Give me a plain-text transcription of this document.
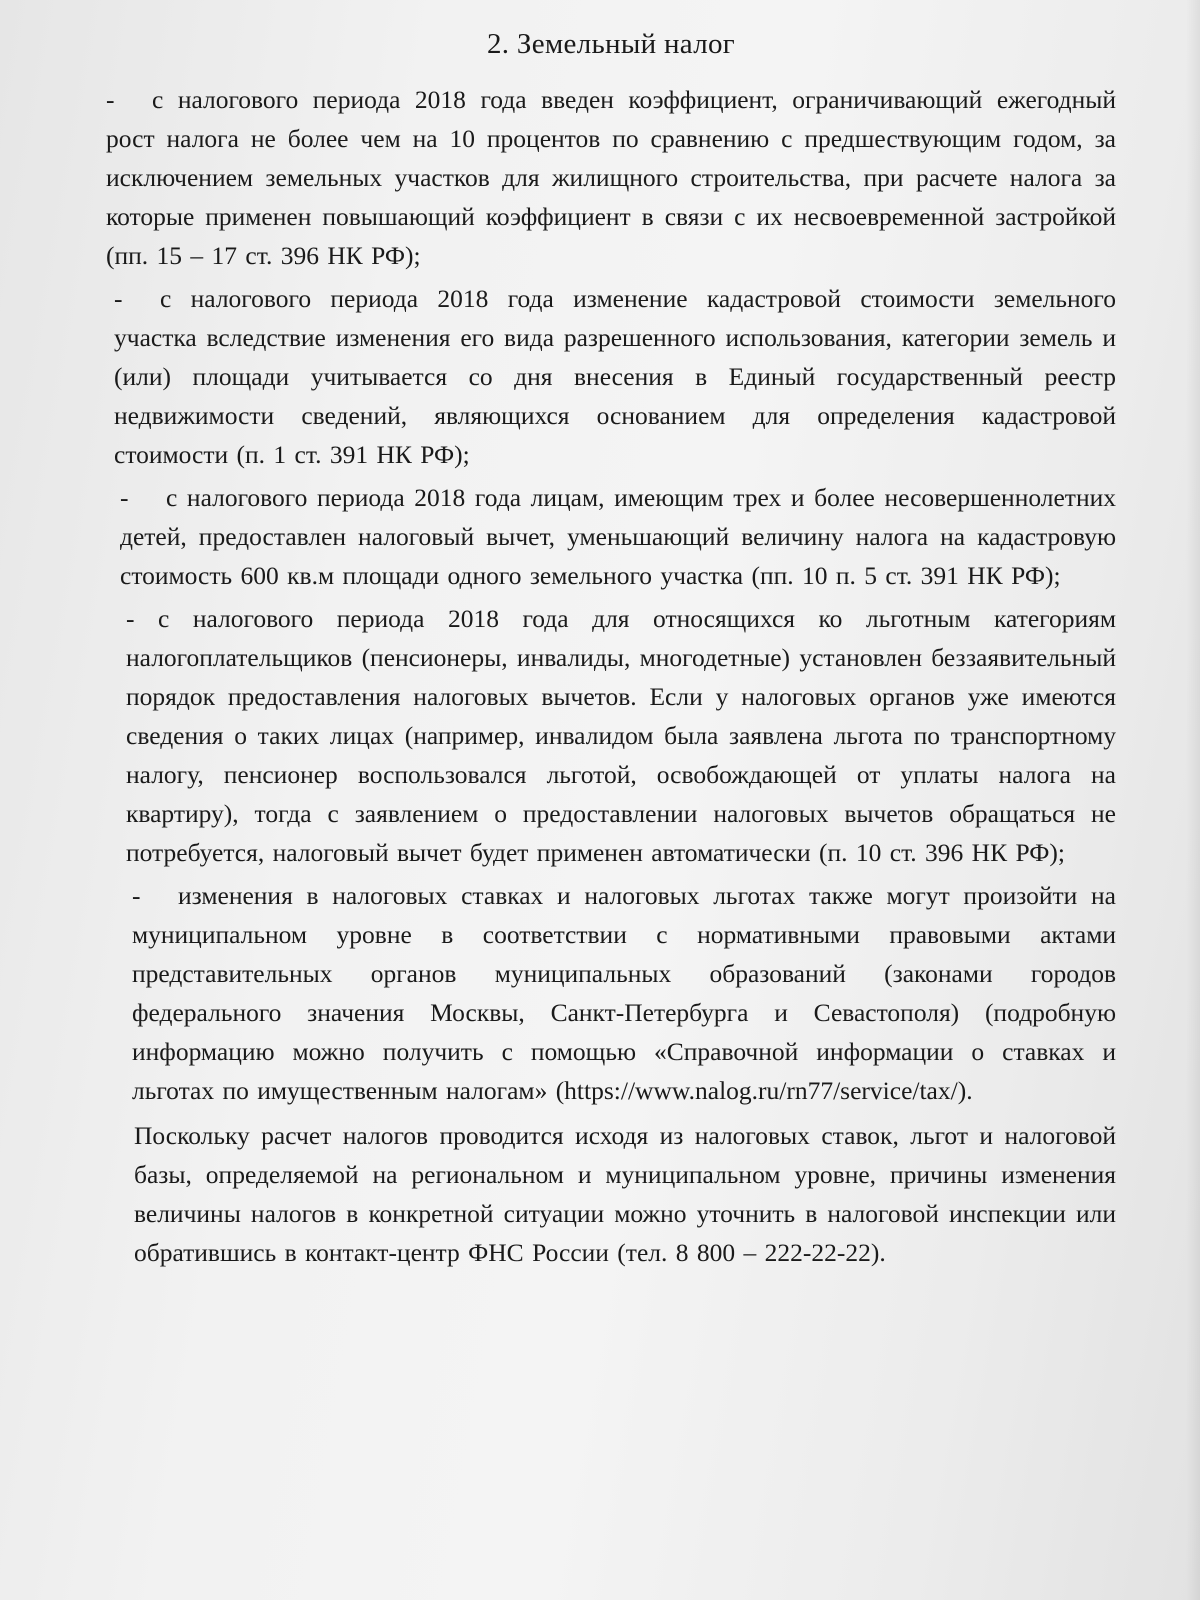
2. Земельный налог

- с налогового периода 2018 года введен коэффициент, ограничивающий ежегодный рост налога не более чем на 10 процентов по сравнению с предшествующим годом, за исключением земельных участков для жилищного строительства, при расчете налога за которые применен повышающий коэффициент в связи с их несвоевременной застройкой (пп. 15 – 17 ст. 396 НК РФ);

- с налогового периода 2018 года изменение кадастровой стоимости земельного участка вследствие изменения его вида разрешенного использования, категории земель и (или) площади учитывается со дня внесения в Единый государственный реестр недвижимости сведений, являющихся основанием для определения кадастровой стоимости (п. 1 ст. 391 НК РФ);

- с налогового периода 2018 года лицам, имеющим трех и более несовершеннолетних детей, предоставлен налоговый вычет, уменьшающий величину налога на кадастровую стоимость 600 кв.м площади одного земельного участка (пп. 10 п. 5 ст. 391 НК РФ);

- с налогового периода 2018 года для относящихся ко льготным категориям налогоплательщиков (пенсионеры, инвалиды, многодетные) установлен беззаявительный порядок предоставления налоговых вычетов. Если у налоговых органов уже имеются сведения о таких лицах (например, инвалидом была заявлена льгота по транспортному налогу, пенсионер воспользовался льготой, освобождающей от уплаты налога на квартиру), тогда с заявлением о предоставлении налоговых вычетов обращаться не потребуется, налоговый вычет будет применен автоматически (п. 10 ст. 396 НК РФ);

- изменения в налоговых ставках и налоговых льготах также могут произойти на муниципальном уровне в соответствии с нормативными правовыми актами представительных органов муниципальных образований (законами городов федерального значения Москвы, Санкт-Петербурга и Севастополя) (подробную информацию можно получить с помощью «Справочной информации о ставках и льготах по имущественным налогам» (https://www.nalog.ru/rn77/service/tax/).

Поскольку расчет налогов проводится исходя из налоговых ставок, льгот и налоговой базы, определяемой на региональном и муниципальном уровне, причины изменения величины налогов в конкретной ситуации можно уточнить в налоговой инспекции или обратившись в контакт-центр ФНС России (тел. 8 800 – 222-22-22).
